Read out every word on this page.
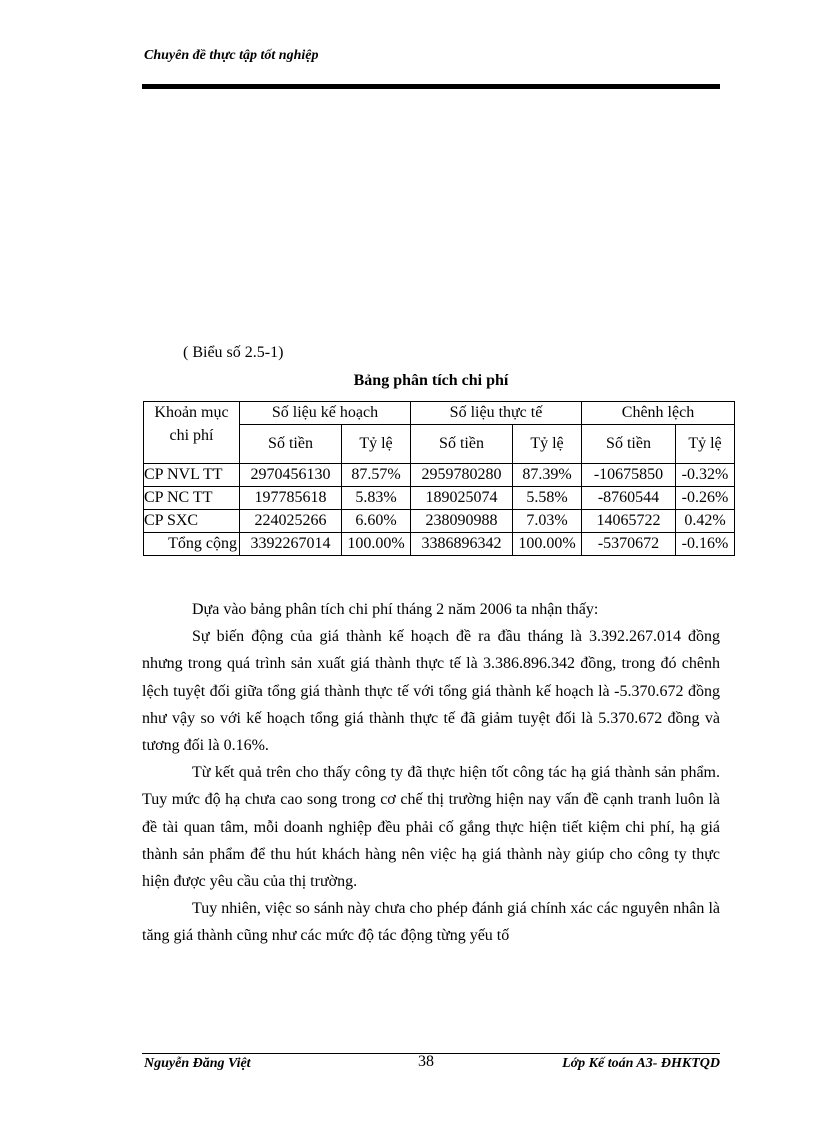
Chuyên đề thực tập tốt nghiệp
( Biểu số 2.5-1)
Bảng phân tích chi phí
Khoản mục	Số liệu kế hoạch		Số liệu thực tế		Chênh lệch	
chi phí	Số tiền	Tỷ lệ	Số tiền	Tỷ lệ	Số tiền	Tỷ lệ
CP NVL TT	2970456130	87.57%	2959780280	87.39%	-10675850	-0.32%
CP NC TT	197785618	5.83%	189025074	5.58%	-8760544	-0.26%
CP SXC	224025266	6.60%	238090988	7.03%	14065722	0.42%
Tổng cộng	3392267014	100.00%	3386896342	100.00%	-5370672	-0.16%

Dựa vào bảng phân tích chi phí tháng 2 năm 2006 ta nhận thấy:

Sự biến động của giá thành kế hoạch đề ra đầu tháng là 3.392.267.014 đồng nhưng trong quá trình sản xuất giá thành thực tế là 3.386.896.342 đồng, trong đó chênh lệch tuyệt đối giữa tổng giá thành thực tế với tổng giá thành kế hoạch là -5.370.672 đồng như vậy so với kế hoạch tổng giá thành thực tế đã giảm tuyệt đối là 5.370.672 đồng và tương đối là 0.16%.

Từ kết quả trên cho thấy công ty đã thực hiện tốt công tác hạ giá thành sản phẩm. Tuy mức độ hạ chưa cao song trong cơ chế thị trường hiện nay vấn đề cạnh tranh luôn là đề tài quan tâm, mỗi doanh nghiệp đều phải cố gắng thực hiện tiết kiệm chi phí, hạ giá thành sản phẩm để thu hút khách hàng nên việc hạ giá thành này giúp cho công ty thực hiện được yêu cầu của thị trường.

Tuy nhiên, việc so sánh này chưa cho phép đánh giá chính xác các nguyên nhân là tăng giá thành cũng như các mức độ tác động từng yếu tố

Nguyễn Đăng Việt	38	Lớp Kế toán A3- ĐHKTQD
